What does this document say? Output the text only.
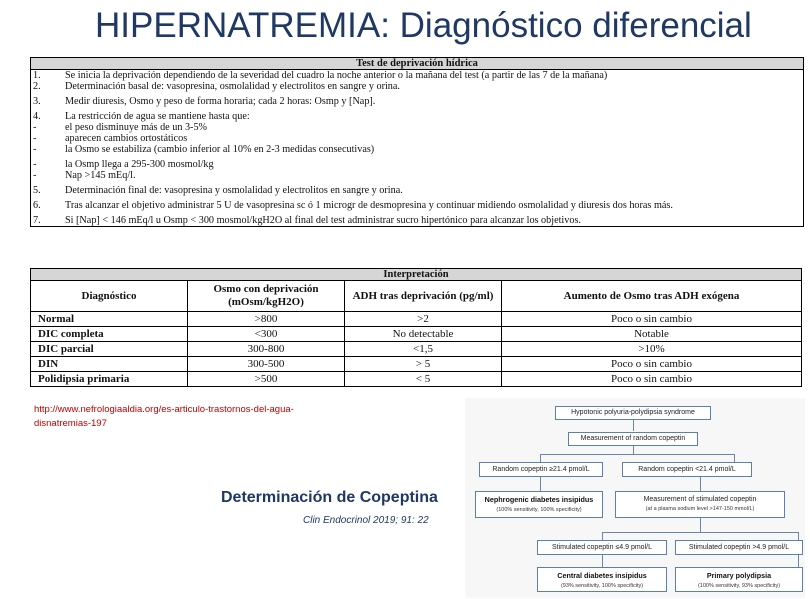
HIPERNATREMIA: Diagnóstico diferencial
Test de deprivación hídrica
1.	Se inicia la deprivación dependiendo de la severidad del cuadro la noche anterior o la mañana del test (a partir de las 7 de la mañana)
2.	Determinación basal de: vasopresina, osmolalidad y electrolitos en sangre y orina.
3.	Medir diuresis, Osmo y peso de forma horaria; cada 2 horas: Osmp y [Nap].
4.	La restricción de agua se mantiene hasta que:
-	el peso disminuye más de un 3-5%
-	aparecen cambios ortostáticos
-	la Osmo se estabiliza (cambio inferior al 10% en 2-3 medidas consecutivas)
-	la Osmp llega a 295-300 mosmol/kg
-	Nap >145 mEq/l.
5.	Determinación final de: vasopresina y osmolalidad y electrolitos en sangre y orina.
6.	Tras alcanzar el objetivo administrar 5 U de vasopresina sc ó 1 microgr de desmopresina y continuar midiendo osmolalidad y diuresis dos horas más.
7.	Si [Nap] < 146 mEq/l u Osmp < 300 mosmol/kgH2O al final del test administrar sucro hipertónico para alcanzar los objetivos.
Interpretación
Diagnóstico	Osmo con deprivación (mOsm/kgH2O)	ADH tras deprivación (pg/ml)	Aumento de Osmo tras ADH exógena
Normal	>800	>2	Poco o sin cambio
DIC completa	<300	No detectable	Notable
DIC parcial	300-800	<1,5	>10%
DIN	300-500	> 5	Poco o sin cambio
Polidipsia primaria	>500	< 5	Poco o sin cambio
http://www.nefrologiaaldia.org/es-articulo-trastornos-del-agua-disnatremias-197
Determinación de Copeptina
Clin Endocrinol 2019; 91: 22
Hypotonic polyuria-polydipsia syndrome
Measurement of random copeptin
Random copeptin ≥21.4 pmol/L	Random copeptin <21.4 pmol/L
Nephrogenic diabetes insipidus
(100% sensitivity, 100% specificity)
Measurement of stimulated copeptin
(at a plasma sodium level >147-150 mmol/L)
Stimulated copeptin ≤4.9 pmol/L	Stimulated copeptin >4.9 pmol/L
Central diabetes insipidus
(93% sensitivity, 100% specificity)
Primary polydipsia
(100% sensitivity, 93% specificity)
